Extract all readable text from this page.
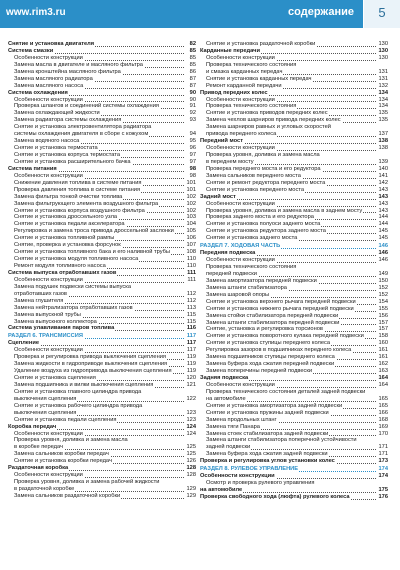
www.rim3.ru	содержание	5
Снятие и установка двигателя	82
Система смазки	85
Особенности конструкции	85
Замена масла в двигателе и масляного фильтра	85
Замена кронштейна масляного фильтра	86
Замена масляного радиатора	87
Замена масляного насоса	87
Система охлаждения	90
Особенности конструкции	90
Проверка шлангов и соединений системы охлаждения	91
Замена охлаждающей жидкости	92
Замена радиатора системы охлаждения	93
Снятие и установка электровентилятора радиатора
системы охлаждения двигателя в сборе с кожухом	94
Замена водяного насоса	95
Снятие и установка термостата	96
Снятие и установка корпуса термостата	97
Снятие и установка расширительного бачка	97
Система питания	98
Особенности конструкции	98
Снижение давления топлива в системе питания	101
Проверка давления топлива в системе питания	101
Замена фильтра тонкой очистки топлива	102
Замена фильтрующего элемента воздушного фильтра	102
Снятие и установка корпуса воздушного фильтра	102
Снятие и установка дроссельного узла	103
Снятие и установка педали акселератора	104
Регулировка и замена троса привода дроссельной заслонки 105
Снятие и установка топливной рампы	106
Снятие, проверка и установка форсунок	107
Снятие и установка топливного бака и его наливной трубы	108
Снятие и установка модуля топливного насоса	110
Ремонт модуля топливного насоса	110
Система выпуска отработавших газов	111
Особенности конструкции	111
Замена подушек подвески системы выпуска
отработавших газов	112
Замена глушителя	112
Замена нейтрализатора отработавших газов	113
Замена выпускной трубы	115
Замена выпускного коллектора	115
Система улавливания паров топлива	116
РАЗДЕЛ 6. ТРАНСМИССИЯ	117
Сцепление	117
Особенности конструкции	117
Проверка и регулировка привода выключения сцепления	119
Замена жидкости в гидроприводе выключения сцепления	119
Удаление воздуха из гидропривода выключения сцепления	119
Снятие и установка сцепления	120
Замена подшипника и вилки выключения сцепления	121
Снятие и установка главного цилиндра привода
выключения сцепления	122
Снятие и установка рабочего цилиндра привода
выключения сцепления	123
Снятие и установка педали сцепления	123
Коробка передач	124
Особенности конструкции	124
Проверка уровня, доливка и замена масла
в коробке передач	125
Замена сальников коробки передач	125
Снятие и установка коробки передач	126
Раздаточная коробка	128
Особенности конструкции	128
Проверка уровня, доливка и замена рабочей жидкости
в раздаточной коробке	129
Замена сальников раздаточной коробки	129
Снятие и установка раздаточной коробки	130
Карданные передачи	130
Особенности конструкции	130
Проверка технического состояния
и смазка карданных передач	131
Снятие и установка карданных передач	131
Ремонт карданной передачи	132
Привод передних колес	134
Особенности конструкции	134
Проверка технического состояния	134
Снятие и установка приводов передних колес	135
Замена чехлов шарниров привода передних колес	135
Замена шарниров равных и угловых скоростей
привода переднего колеса	137
Передний мост	138
Особенности конструкции	138
Проверка уровня, доливка и замена масла
в переднем мосту	139
Проверка переднего моста и его редуктора	140
Замена сальников переднего моста	141
Снятие и ремонт редуктора переднего моста	142
Снятие и установка переднего моста	143
Задний мост	143
Особенности конструкции	143
Проверка уровня, доливка и замена масла в заднем мосту	143
Проверка заднего моста и его редуктора	144
Снятие и установка полуоси заднего моста	144
Снятие и установка редуктора заднего моста	145
Снятие и установка заднего моста	145
РАЗДЕЛ 7. ХОДОВАЯ ЧАСТЬ	146
Передняя подвеска	146
Особенности конструкции	146
Проверка технического состояния
передней подвески	149
Замена амортизатора передней подвески	150
Замена штанги стабилизатора	152
Замена шаровой опоры	152
Снятие и установка верхнего рычага передней подвески	154
Снятие и установка нижнего рычага передней подвески	155
Замена стойки стабилизатора передней подвески	156
Замена штанги стабилизатора передней подвески	157
Снятие, установка и регулировка торсионов	157
Снятие и установка поворотного кулака передней подвески	158
Снятие и установка ступицы переднего колеса	160
Регулировка зазоров в подшипниках переднего колеса	161
Замена подшипников ступицы переднего колеса	161
Замена буфера хода сжатия передней подвески	162
Замена поперечины передней подвески	163
Задняя подвеска	164
Особенности конструкции	164
Проверка технического состояния деталей задней подвески
на автомобиле	165
Снятие и установка амортизатора задней подвески	165
Снятие и установка пружины задней подвески	166
Замена продольных штанг	168
Замена тяги Панара	169
Замена стоек стабилизатора задней подвески	170
Замена штанги стабилизатора поперечной устойчивости
задней подвески	171
Замена буфера хода сжатия задней подвески	171
Проверка и регулировка углов установки колес	173
РАЗДЕЛ 8. РУЛЕВОЕ УПРАВЛЕНИЕ	174
Особенности конструкции	174
Осмотр и проверка рулевого управления
на автомобиле	175
Проверка свободного хода (люфта) рулевого колеса	176
